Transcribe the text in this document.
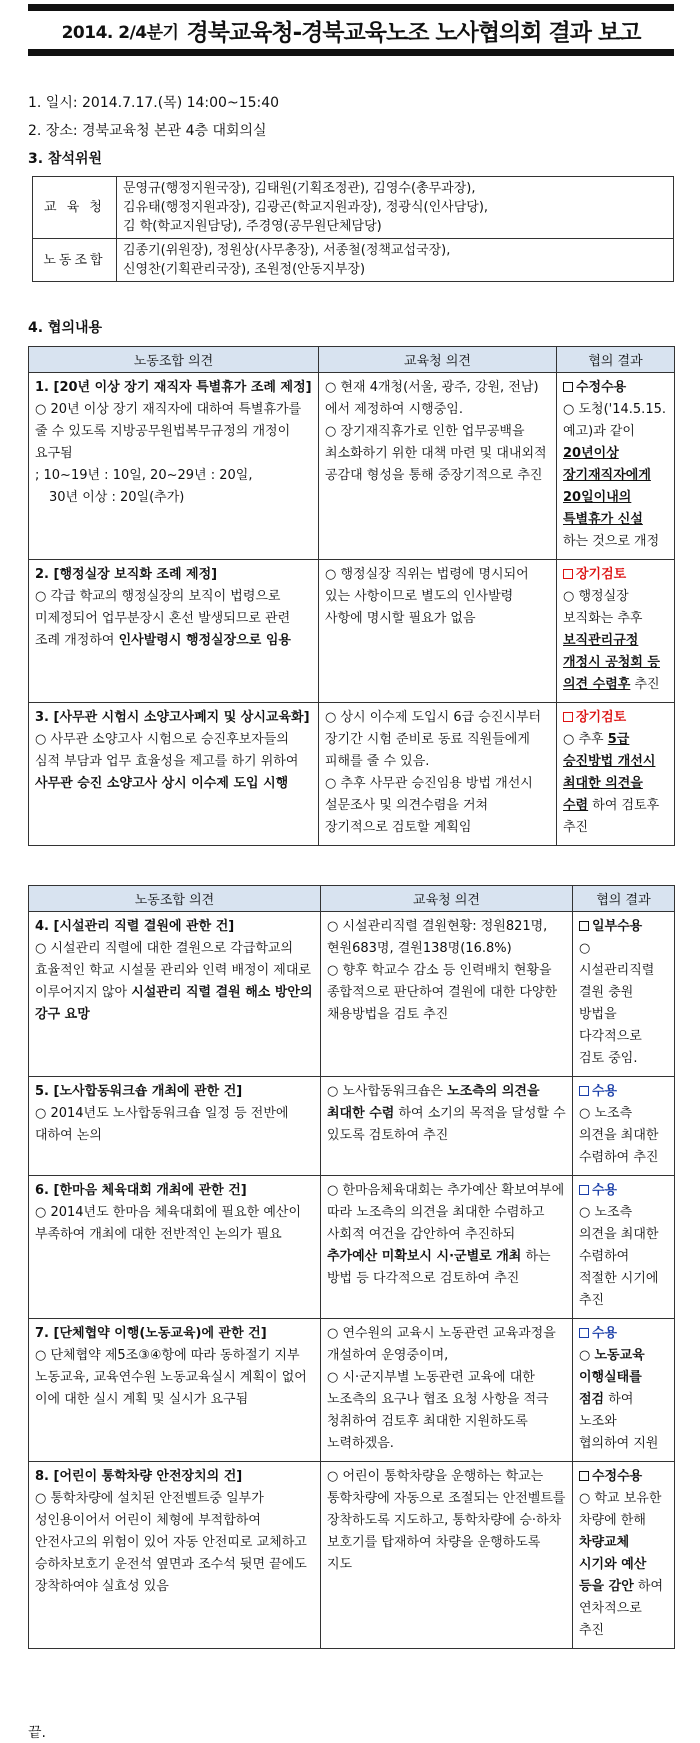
2014. 2/4분기 경북교육청-경북교육노조 노사협의회 결과 보고
1. 일시: 2014.7.17.(목) 14:00~15:40
2. 장소: 경북교육청 본관 4층 대회의실
3. 참석위원
교 육 청	문영규(행정지원국장), 김태원(기획조정관), 김영수(총무과장),
김유태(행정지원과장), 김광곤(학교지원과장), 정광식(인사담당),
김 학(학교지원담당), 주경영(공무원단체담당)

노동조합	김종기(위원장), 정원상(사무총장), 서종철(정책교섭국장),
신영찬(기획관리국장), 조원정(안동지부장)
4. 협의내용
노동조합 의견	교육청 의견	협의 결과

1. [20년 이상 장기 재직자 특별휴가 조례 제정]
○ 20년 이상 장기 재직자에 대하여 특별휴가를 줄 수 있도록 지방공무원법복무규정의 개정이 요구됨
; 10~19년 : 10일, 20~29년 : 20일,
30년 이상 : 20일(추가)	○ 현재 4개청(서울, 광주, 강원, 전남)에서 제정하여 시행중임.
○ 장기재직휴가로 인한 업무공백을 최소화하기 위한 대책 마련 및 대내외적 공감대 형성을 통해 중장기적으로 추진	수정수용
○ 도청('14.5.15. 예고)과 같이 20년이상 장기재직자에게 20일이내의 특별휴가 신설 하는 것으로 개정

2. [행정실장 보직화 조례 제정]
○ 각급 학교의 행정실장의 보직이 법령으로 미제정되어 업무분장시 혼선 발생되므로 관련 조례 개정하여 인사발령시 행정실장으로 임용	○ 행정실장 직위는 법령에 명시되어 있는 사항이므로 별도의 인사발령 사항에 명시할 필요가 없음	장기검토
○ 행정실장 보직화는 추후 보직관리규정 개정시 공청회 등 의견 수렴후 추진

3. [사무관 시험시 소양고사폐지 및 상시교육화]
○ 사무관 소양고사 시험으로 승진후보자들의 심적 부담과 업무 효율성을 제고를 하기 위하여 사무관 승진 소양고사 상시 이수제 도입 시행	○ 상시 이수제 도입시 6급 승진시부터 장기간 시험 준비로 동료 직원들에게 피해를 줄 수 있음.
○ 추후 사무관 승진임용 방법 개선시 설문조사 및 의견수렴을 거쳐 장기적으로 검토할 계획임	장기검토
○ 추후 5급 승진방법 개선시 최대한 의견을 수렴 하여 검토후 추진
노동조합 의견	교육청 의견	협의 결과

4. [시설관리 직렬 결원에 관한 건]
○ 시설관리 직렬에 대한 결원으로 각급학교의 효율적인 학교 시설물 관리와 인력 배정이 제대로 이루어지지 않아 시설관리 직렬 결원 해소 방안의 강구 요망	○ 시설관리직렬 결원현황: 정원821명, 현원683명, 결원138명(16.8%)
○ 향후 학교수 감소 등 인력배치 현황을 종합적으로 판단하여 결원에 대한 다양한 채용방법을 검토 추진	일부수용
○ 시설관리직렬 결원 충원 방법을 다각적으로 검토 중임.

5. [노사합동워크숍 개최에 관한 건]
○ 2014년도 노사합동워크숍 일정 등 전반에 대하여 논의	○ 노사합동워크숍은 노조측의 의견을 최대한 수렴 하여 소기의 목적을 달성할 수 있도록 검토하여 추진	수용
○ 노조측 의견을 최대한 수렴하여 추진

6. [한마음 체육대회 개최에 관한 건]
○ 2014년도 한마음 체육대회에 필요한 예산이 부족하여 개최에 대한 전반적인 논의가 필요	○ 한마음체육대회는 추가예산 확보여부에 따라 노조측의 의견을 최대한 수렴하고 사회적 여건을 감안하여 추진하되 추가예산 미확보시 시·군별로 개최 하는 방법 등 다각적으로 검토하여 추진	수용
○ 노조측 의견을 최대한 수렴하여 적절한 시기에 추진

7. [단체협약 이행(노동교육)에 관한 건]
○ 단체협약 제5조③④항에 따라 동하절기 지부 노동교육, 교육연수원 노동교육실시 계획이 없어 이에 대한 실시 계획 및 실시가 요구됨	○ 연수원의 교육시 노동관련 교육과정을 개설하여 운영중이며,
○ 시·군지부별 노동관련 교육에 대한 노조측의 요구나 협조 요청 사항을 적극 청취하여 검토후 최대한 지원하도록 노력하겠음.	수용
○ 노동교육 이행실태를 점검 하여 노조와 협의하여 지원

8. [어린이 통학차량 안전장치의 건]
○ 통학차량에 설치된 안전벨트중 일부가 성인용이어서 어린이 체형에 부적합하여 안전사고의 위험이 있어 자동 안전띠로 교체하고 승하차보호기 운전석 옆면과 조수석 뒷면 끝에도 장착하여야 실효성 있음	○ 어린이 통학차량을 운행하는 학교는 통학차량에 자동으로 조절되는 안전벨트를 장착하도록 지도하고, 통학차량에 승·하차 보호기를 탑재하여 차량을 운행하도록 지도	수정수용
○ 학교 보유한 차량에 한해 차량교체 시기와 예산 등을 감안 하여 연차적으로 추진
끝.
